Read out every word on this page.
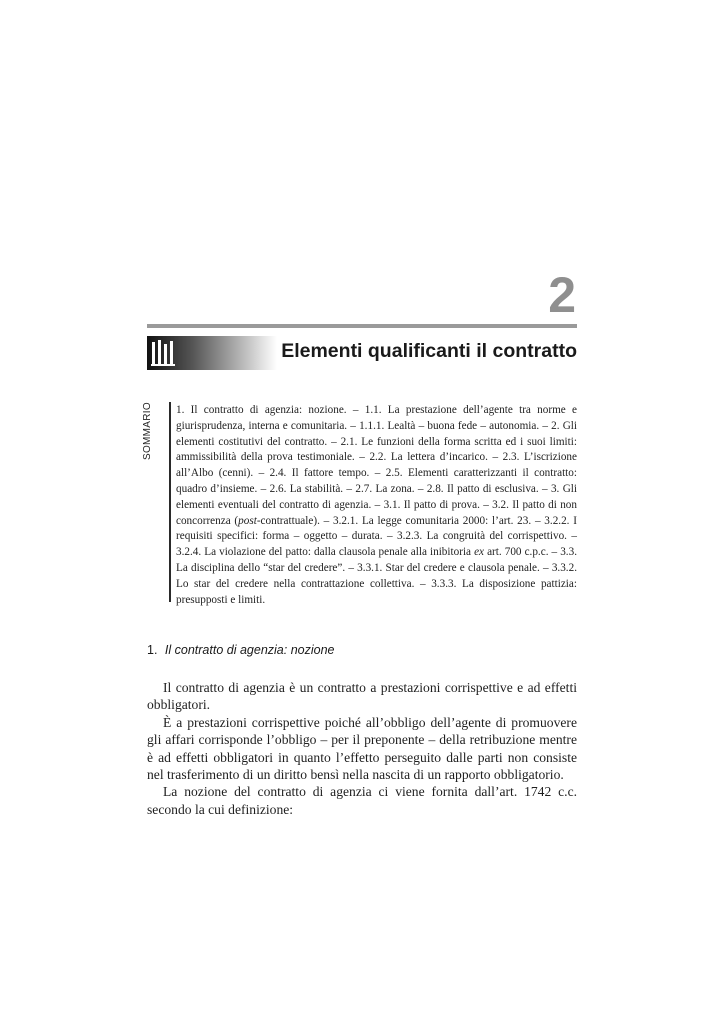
2
Elementi qualificanti il contratto
SOMMARIO 1. Il contratto di agenzia: nozione. – 1.1. La prestazione dell’agente tra norme e giurisprudenza, interna e comunitaria. – 1.1.1. Lealtà – buona fede – autonomia. – 2. Gli elementi costitutivi del contratto. – 2.1. Le funzioni della forma scritta ed i suoi limiti: ammissibilità della prova testimoniale. – 2.2. La lettera d’incarico. – 2.3. L’iscrizione all’Albo (cenni). – 2.4. Il fattore tempo. – 2.5. Elementi caratterizzanti il contratto: quadro d’insieme. – 2.6. La stabilità. – 2.7. La zona. – 2.8. Il patto di esclusiva. – 3. Gli elementi eventuali del contratto di agenzia. – 3.1. Il patto di prova. – 3.2. Il patto di non concorrenza (post-contrattuale). – 3.2.1. La legge comunitaria 2000: l’art. 23. – 3.2.2. I requisiti specifici: forma – oggetto – durata. – 3.2.3. La congruità del corrispettivo. – 3.2.4. La violazione del patto: dalla clausola penale alla inibitoria ex art. 700 c.p.c. – 3.3. La disciplina dello “star del credere”. – 3.3.1. Star del credere e clausola penale. – 3.3.2. Lo star del credere nella contrattazione collettiva. – 3.3.3. La disposizione pattizia: presupposti e limiti.

1. Il contratto di agenzia: nozione

Il contratto di agenzia è un contratto a prestazioni corrispettive e ad effetti obbligatori.

È a prestazioni corrispettive poiché all’obbligo dell’agente di promuovere gli affari corrisponde l’obbligo – per il preponente – della retribuzione mentre è ad effetti obbligatori in quanto l’effetto perseguito dalle parti non consiste nel trasferimento di un diritto bensì nella nascita di un rapporto obbligatorio.

La nozione del contratto di agenzia ci viene fornita dall’art. 1742 c.c. secondo la cui definizione:
